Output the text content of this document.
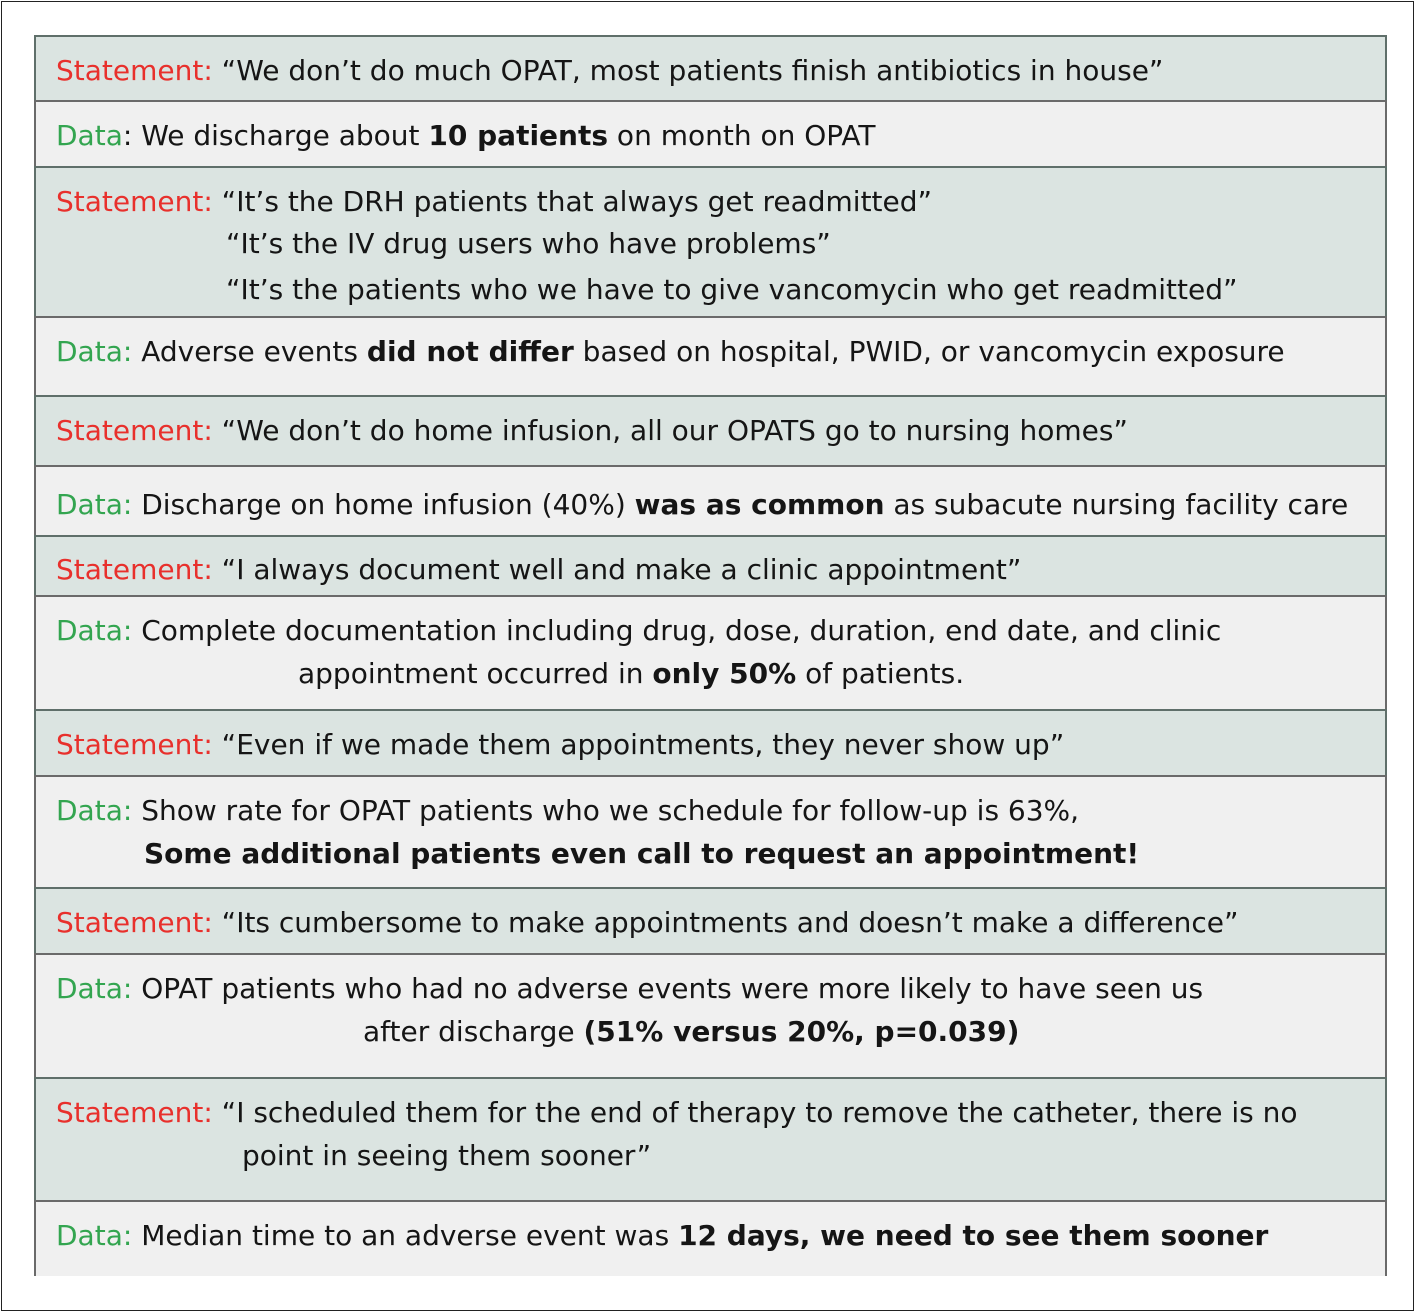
Statement: “We don’t do much OPAT, most patients finish antibiotics in house”
Data: We discharge about 10 patients on month on OPAT
Statement: “It’s the DRH patients that always get readmitted”
“It’s the IV drug users who have problems”
“It’s the patients who we have to give vancomycin who get readmitted”
Data: Adverse events did not differ based on hospital, PWID, or vancomycin exposure
Statement: “We don’t do home infusion, all our OPATS go to nursing homes”
Data: Discharge on home infusion (40%) was as common as subacute nursing facility care
Statement: “I always document well and make a clinic appointment”
Data: Complete documentation including drug, dose, duration, end date, and clinic
appointment occurred in only 50% of patients.
Statement: “Even if we made them appointments, they never show up”
Data: Show rate for OPAT patients who we schedule for follow-up is 63%,
Some additional patients even call to request an appointment!
Statement: “Its cumbersome to make appointments and doesn’t make a difference”
Data: OPAT patients who had no adverse events were more likely to have seen us
after discharge (51% versus 20%, p=0.039)
Statement: “I scheduled them for the end of therapy to remove the catheter, there is no
point in seeing them sooner”
Data: Median time to an adverse event was 12 days, we need to see them sooner
